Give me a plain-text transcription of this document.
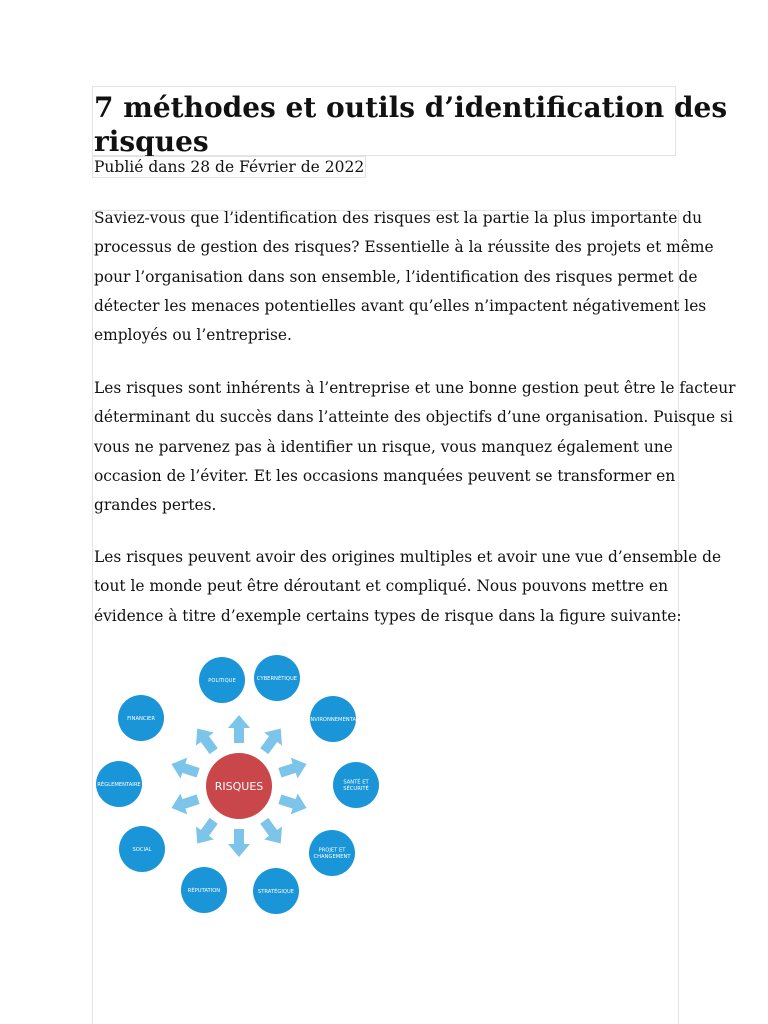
7 méthodes et outils d’identification des
risques
Publié dans 28 de Février de 2022

Saviez-vous que l’identification des risques est la partie la plus importante du
processus de gestion des risques? Essentielle à la réussite des projets et même
pour l’organisation dans son ensemble, l’identification des risques permet de
détecter les menaces potentielles avant qu’elles n’impactent négativement les
employés ou l’entreprise.

Les risques sont inhérents à l’entreprise et une bonne gestion peut être le facteur
déterminant du succès dans l’atteinte des objectifs d’une organisation. Puisque si
vous ne parvenez pas à identifier un risque, vous manquez également une
occasion de l’éviter. Et les occasions manquées peuvent se transformer en
grandes pertes.

Les risques peuvent avoir des origines multiples et avoir une vue d’ensemble de
tout le monde peut être déroutant et compliqué. Nous pouvons mettre en
évidence à titre d’exemple certains types de risque dans la figure suivante:

POLITIQUE	CYBERNÉTIQUE
ENVIRONNEMENTAL
SANTÉ ET
SÉCURITÉ
PROJET ET
CHANGEMENT
STRATÉGIQUE
RÉPUTATION
SOCIAL
RÉGLEMENTAIRE
FINANCIER
RISQUES
